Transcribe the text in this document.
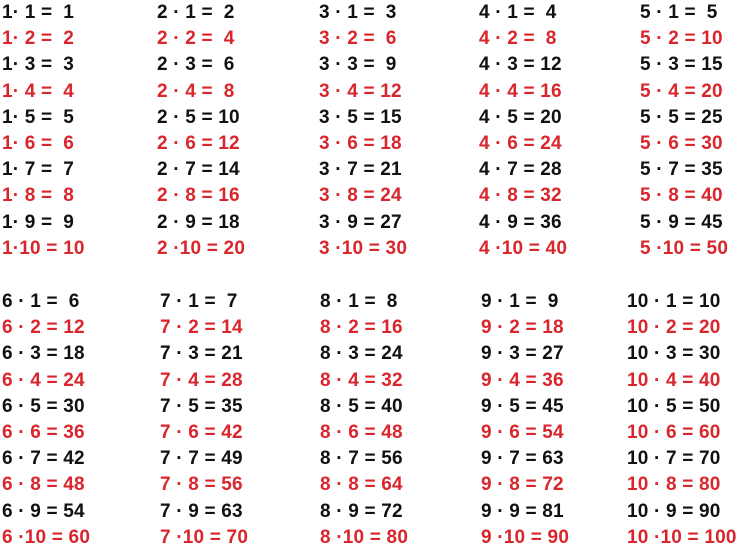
1· 1 =  1
1· 2 =  2
1· 3 =  3
1· 4 =  4
1· 5 =  5
1· 6 =  6
1· 7 =  7
1· 8 =  8
1· 9 =  9
1·10 = 10
2 · 1 =  2
2 · 2 =  4
2 · 3 =  6
2 · 4 =  8
2 · 5 = 10
2 · 6 = 12
2 · 7 = 14
2 · 8 = 16
2 · 9 = 18
2 ·10 = 20
3 · 1 =  3
3 · 2 =  6
3 · 3 =  9
3 · 4 = 12
3 · 5 = 15
3 · 6 = 18
3 · 7 = 21
3 · 8 = 24
3 · 9 = 27
3 ·10 = 30
4 · 1 =  4
4 · 2 =  8
4 · 3 = 12
4 · 4 = 16
4 · 5 = 20
4 · 6 = 24
4 · 7 = 28
4 · 8 = 32
4 · 9 = 36
4 ·10 = 40
5 · 1 =  5
5 · 2 = 10
5 · 3 = 15
5 · 4 = 20
5 · 5 = 25
5 · 6 = 30
5 · 7 = 35
5 · 8 = 40
5 · 9 = 45
5 ·10 = 50
6 · 1 =  6
6 · 2 = 12
6 · 3 = 18
6 · 4 = 24
6 · 5 = 30
6 · 6 = 36
6 · 7 = 42
6 · 8 = 48
6 · 9 = 54
6 ·10 = 60
7 · 1 =  7
7 · 2 = 14
7 · 3 = 21
7 · 4 = 28
7 · 5 = 35
7 · 6 = 42
7 · 7 = 49
7 · 8 = 56
7 · 9 = 63
7 ·10 = 70
8 · 1 =  8
8 · 2 = 16
8 · 3 = 24
8 · 4 = 32
8 · 5 = 40
8 · 6 = 48
8 · 7 = 56
8 · 8 = 64
8 · 9 = 72
8 ·10 = 80
9 · 1 =  9
9 · 2 = 18
9 · 3 = 27
9 · 4 = 36
9 · 5 = 45
9 · 6 = 54
9 · 7 = 63
9 · 8 = 72
9 · 9 = 81
9 ·10 = 90
10 · 1 = 10
10 · 2 = 20
10 · 3 = 30
10 · 4 = 40
10 · 5 = 50
10 · 6 = 60
10 · 7 = 70
10 · 8 = 80
10 · 9 = 90
10 ·10 = 100
